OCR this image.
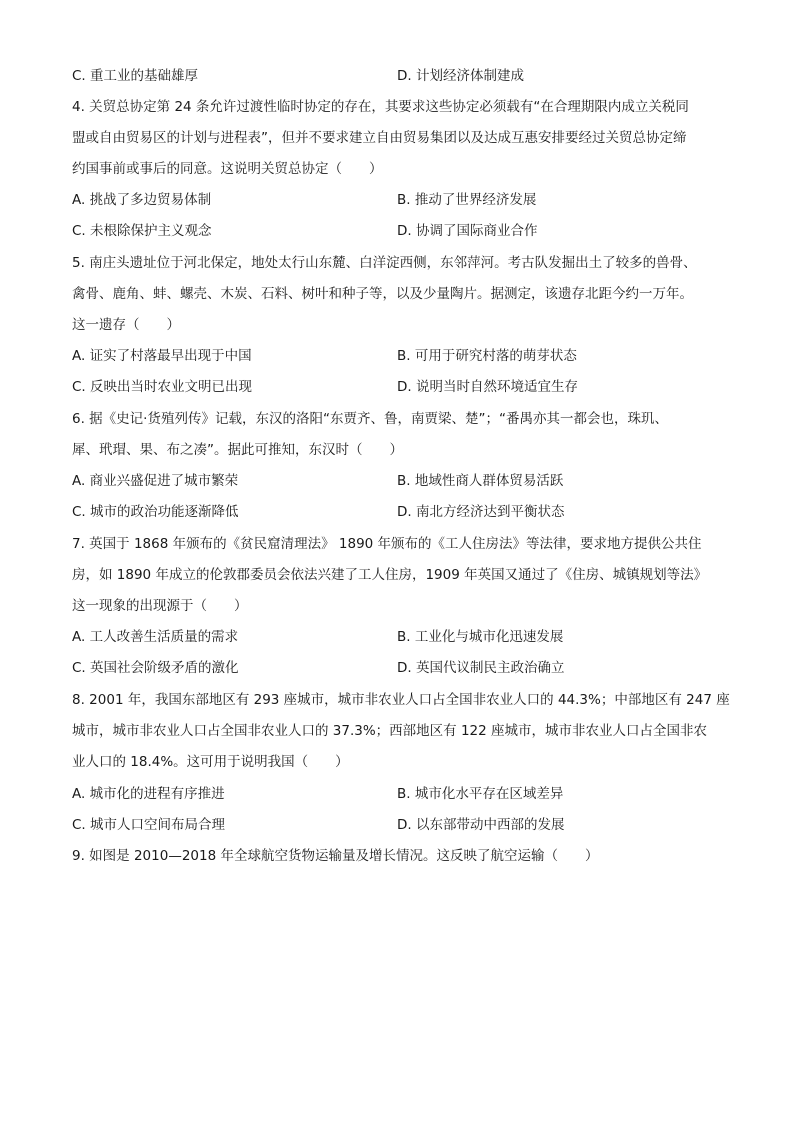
C. 重工业的基础雄厚	D. 计划经济体制建成
4. 关贸总协定第 24 条允许过渡性临时协定的存在，其要求这些协定必须载有“在合理期限内成立关税同
盟或自由贸易区的计划与进程表”，但并不要求建立自由贸易集团以及达成互惠安排要经过关贸总协定缔
约国事前或事后的同意。这说明关贸总协定（　　）
A. 挑战了多边贸易体制	B. 推动了世界经济发展
C. 未根除保护主义观念	D. 协调了国际商业合作
5. 南庄头遗址位于河北保定，地处太行山东麓、白洋淀西侧，东邻萍河。考古队发掘出土了较多的兽骨、
禽骨、鹿角、蚌、螺壳、木炭、石料、树叶和种子等，以及少量陶片。据测定，该遗存北距今约一万年。
这一遗存（　　）
A. 证实了村落最早出现于中国	B. 可用于研究村落的萌芽状态
C. 反映出当时农业文明已出现	D. 说明当时自然环境适宜生存
6. 据《史记·货殖列传》记载，东汉的洛阳“东贾齐、鲁，南贾梁、楚”；“番禺亦其一都会也，珠玑、
犀、玳瑁、果、布之凑”。据此可推知，东汉时（　　）
A. 商业兴盛促进了城市繁荣	B. 地域性商人群体贸易活跃
C. 城市的政治功能逐渐降低	D. 南北方经济达到平衡状态
7. 英国于 1868 年颁布的《贫民窟清理法》 1890 年颁布的《工人住房法》等法律，要求地方提供公共住
房，如 1890 年成立的伦敦郡委员会依法兴建了工人住房，1909 年英国又通过了《住房、城镇规划等法》
这一现象的出现源于（　　）
A. 工人改善生活质量的需求	B. 工业化与城市化迅速发展
C. 英国社会阶级矛盾的激化	D. 英国代议制民主政治确立
8. 2001 年，我国东部地区有 293 座城市，城市非农业人口占全国非农业人口的 44.3%；中部地区有 247 座
城市，城市非农业人口占全国非农业人口的 37.3%；西部地区有 122 座城市，城市非农业人口占全国非农
业人口的 18.4%。这可用于说明我国（　　）
A. 城市化的进程有序推进	B. 城市化水平存在区域差异
C. 城市人口空间布局合理	D. 以东部带动中西部的发展
9. 如图是 2010—2018 年全球航空货物运输量及增长情况。这反映了航空运输（　　）
